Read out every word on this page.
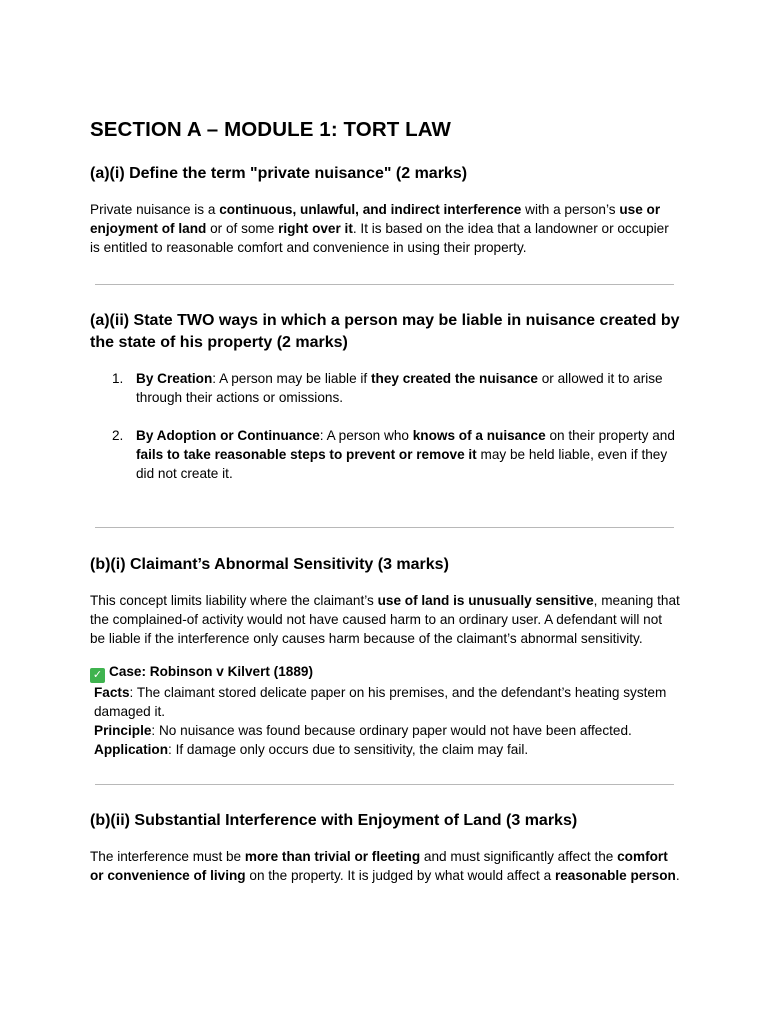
SECTION A – MODULE 1: TORT LAW
(a)(i) Define the term "private nuisance" (2 marks)

Private nuisance is a continuous, unlawful, and indirect interference with a person’s use or enjoyment of land or of some right over it. It is based on the idea that a landowner or occupier is entitled to reasonable comfort and convenience in using their property.

(a)(ii) State TWO ways in which a person may be liable in nuisance created by the state of his property (2 marks)
1. By Creation: A person may be liable if they created the nuisance or allowed it to arise through their actions or omissions.
2. By Adoption or Continuance: A person who knows of a nuisance on their property and fails to take reasonable steps to prevent or remove it may be held liable, even if they did not create it.
(b)(i) Claimant’s Abnormal Sensitivity (3 marks)

This concept limits liability where the claimant’s use of land is unusually sensitive, meaning that the complained-of activity would not have caused harm to an ordinary user. A defendant will not be liable if the interference only causes harm because of the claimant’s abnormal sensitivity.

✓ Case: Robinson v Kilvert (1889)

Facts: The claimant stored delicate paper on his premises, and the defendant’s heating system damaged it.

Principle: No nuisance was found because ordinary paper would not have been affected.

Application: If damage only occurs due to sensitivity, the claim may fail.

(b)(ii) Substantial Interference with Enjoyment of Land (3 marks)

The interference must be more than trivial or fleeting and must significantly affect the comfort or convenience of living on the property. It is judged by what would affect a reasonable person.
